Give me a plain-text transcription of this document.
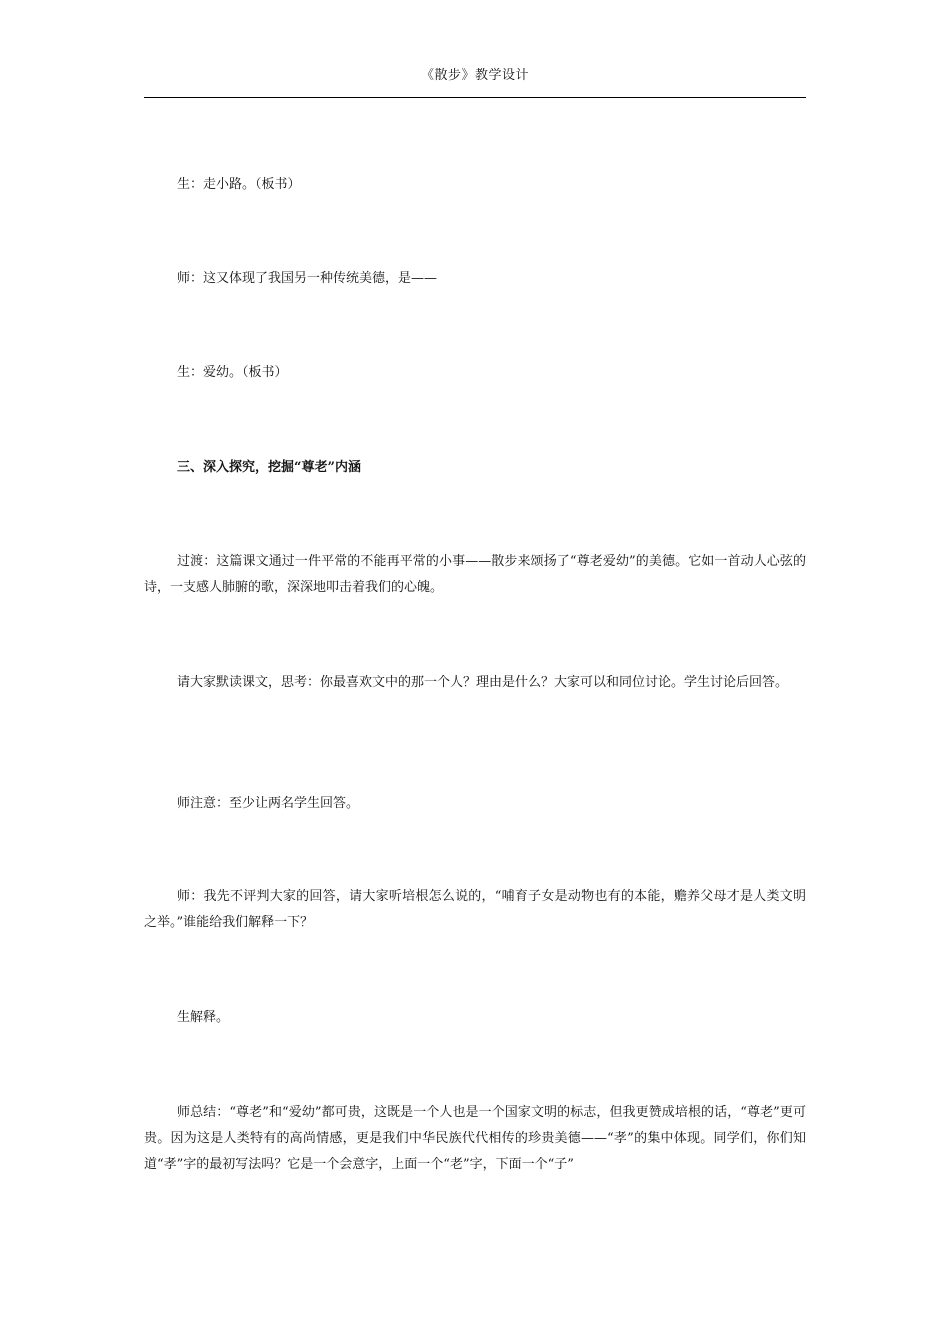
《散步》教学设计

生：走小路。（板书）

师：这又体现了我国另一种传统美德，是——

生：爱幼。（板书）

三、深入探究，挖掘“尊老”内涵

过渡：这篇课文通过一件平常的不能再平常的小事——散步来颂扬了“尊老爱幼”的美德。它如一首动人心弦的诗，一支感人肺腑的歌，深深地叩击着我们的心魄。

请大家默读课文，思考：你最喜欢文中的那一个人？理由是什么？大家可以和同位讨论。学生讨论后回答。

师注意：至少让两名学生回答。

师：我先不评判大家的回答，请大家听培根怎么说的，“哺育子女是动物也有的本能，赡养父母才是人类文明之举。”谁能给我们解释一下？

生解释。

师总结：“尊老”和“爱幼”都可贵，这既是一个人也是一个国家文明的标志，但我更赞成培根的话，“尊老”更可贵。因为这是人类特有的高尚情感，更是我们中华民族代代相传的珍贵美德——“孝”的集中体现。同学们，你们知道“孝”字的最初写法吗？它是一个会意字，上面一个“老”字，下面一个“子”
